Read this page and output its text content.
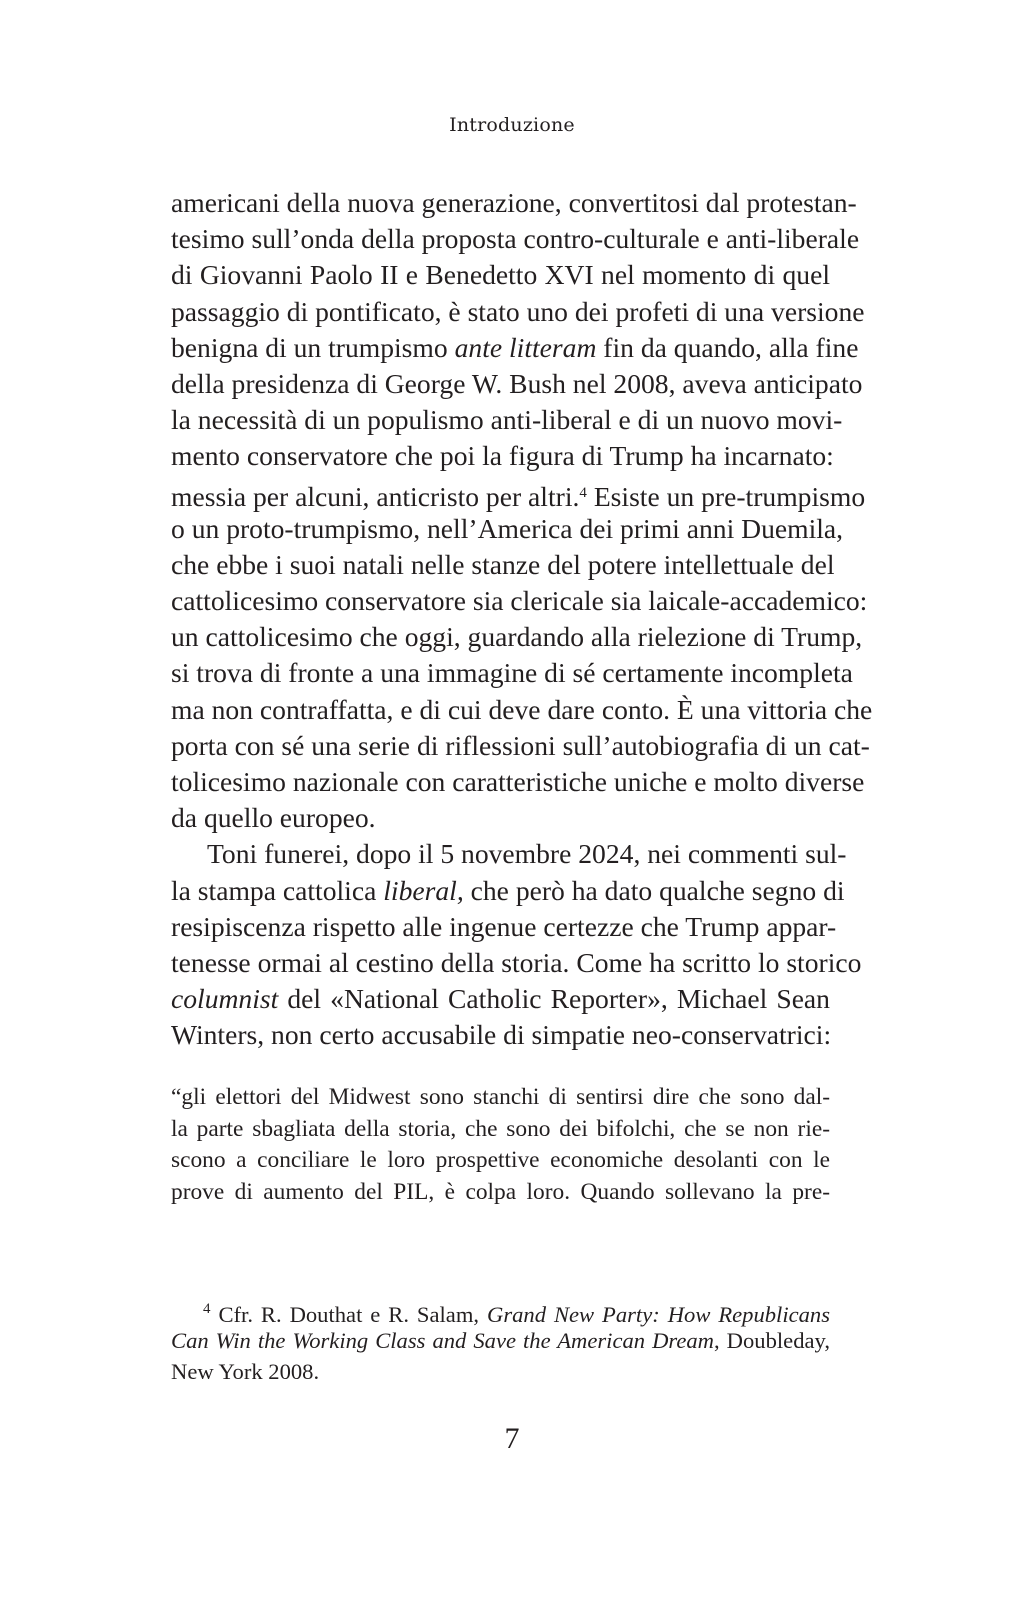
Introduzione
americani della nuova generazione, convertitosi dal protestan-
tesimo sull’onda della proposta contro-culturale e anti-liberale
di Giovanni Paolo II e Benedetto XVI nel momento di quel
passaggio di pontificato, è stato uno dei profeti di una versione
benigna di un trumpismo ante litteram fin da quando, alla fine
della presidenza di George W. Bush nel 2008, aveva anticipato
la necessità di un populismo anti-liberal e di un nuovo movi-
mento conservatore che poi la figura di Trump ha incarnato:
messia per alcuni, anticristo per altri.$^4$ Esiste un pre-trumpismo
o un proto-trumpismo, nell’America dei primi anni Duemila,
che ebbe i suoi natali nelle stanze del potere intellettuale del
cattolicesimo conservatore sia clericale sia laicale-accademico:
un cattolicesimo che oggi, guardando alla rielezione di Trump,
si trova di fronte a una immagine di sé certamente incompleta
ma non contraffatta, e di cui deve dare conto. È una vittoria che
porta con sé una serie di riflessioni sull’autobiografia di un cat-
tolicesimo nazionale con caratteristiche uniche e molto diverse
da quello europeo.
Toni funerei, dopo il 5 novembre 2024, nei commenti sul-
la stampa cattolica liberal, che però ha dato qualche segno di
resipiscenza rispetto alle ingenue certezze che Trump appar-
tenesse ormai al cestino della storia. Come ha scritto lo storico
columnist del «National Catholic Reporter», Michael Sean
Winters, non certo accusabile di simpatie neo-conservatrici:
“gli elettori del Midwest sono stanchi di sentirsi dire che sono dal-
la parte sbagliata della storia, che sono dei bifolchi, che se non rie-
scono a conciliare le loro prospettive economiche desolanti con le
prove di aumento del PIL, è colpa loro. Quando sollevano la pre-
$^4$ Cfr. R. Douthat e R. Salam, Grand New Party: How Republicans
Can Win the Working Class and Save the American Dream, Doubleday,
New York 2008.
7
